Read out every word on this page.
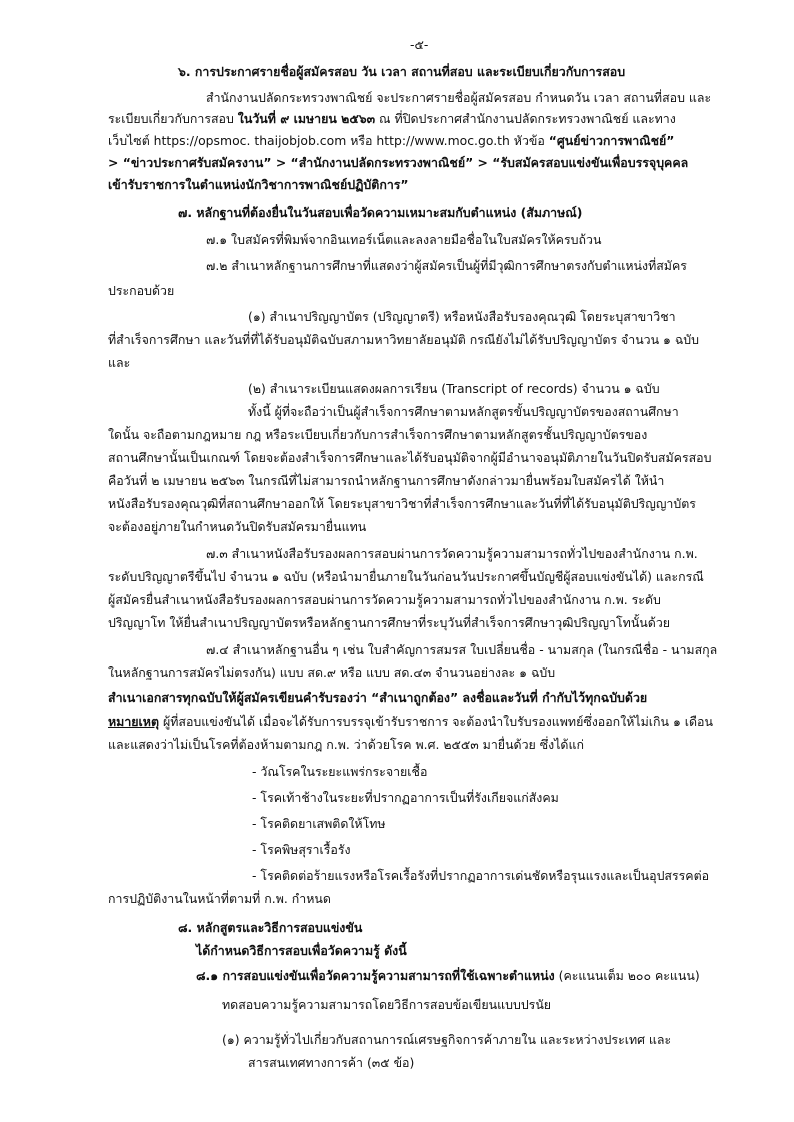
-๕-
๖. การประกาศรายชื่อผู้สมัครสอบ วัน เวลา สถานที่สอบ และระเบียบเกี่ยวกับการสอบ
สำนักงานปลัดกระทรวงพาณิชย์ จะประกาศรายชื่อผู้สมัครสอบ กำหนดวัน เวลา สถานที่สอบ และ
ระเบียบเกี่ยวกับการสอบ ในวันที่ ๙ เมษายน ๒๕๖๓ ณ ที่ปิดประกาศสำนักงานปลัดกระทรวงพาณิชย์ และทาง
เว็บไซต์ https://opsmoc. thaijobjob.com หรือ http://www.moc.go.th หัวข้อ “ศูนย์ข่าวการพาณิชย์”
> “ข่าวประกาศรับสมัครงาน” > “สำนักงานปลัดกระทรวงพาณิชย์” > “รับสมัครสอบแข่งขันเพื่อบรรจุบุคคล
เข้ารับราชการในตำแหน่งนักวิชาการพาณิชย์ปฏิบัติการ”
๗. หลักฐานที่ต้องยื่นในวันสอบเพื่อวัดความเหมาะสมกับตำแหน่ง (สัมภาษณ์)
๗.๑ ใบสมัครที่พิมพ์จากอินเทอร์เน็ตและลงลายมือชื่อในใบสมัครให้ครบถ้วน
๗.๒ สำเนาหลักฐานการศึกษาที่แสดงว่าผู้สมัครเป็นผู้ที่มีวุฒิการศึกษาตรงกับตำแหน่งที่สมัคร
ประกอบด้วย
(๑) สำเนาปริญญาบัตร (ปริญญาตรี) หรือหนังสือรับรองคุณวุฒิ โดยระบุสาขาวิชา
ที่สำเร็จการศึกษา และวันที่ที่ได้รับอนุมัติฉบับสภามหาวิทยาลัยอนุมัติ กรณียังไม่ได้รับปริญญาบัตร จำนวน ๑ ฉบับ
และ
(๒) สำเนาระเบียนแสดงผลการเรียน (Transcript of records) จำนวน ๑ ฉบับ
ทั้งนี้ ผู้ที่จะถือว่าเป็นผู้สำเร็จการศึกษาตามหลักสูตรขั้นปริญญาบัตรของสถานศึกษา
ใดนั้น จะถือตามกฎหมาย กฎ หรือระเบียบเกี่ยวกับการสำเร็จการศึกษาตามหลักสูตรชั้นปริญญาบัตรของ
สถานศึกษานั้นเป็นเกณฑ์ โดยจะต้องสำเร็จการศึกษาและได้รับอนุมัติจากผู้มีอำนาจอนุมัติภายในวันปิดรับสมัครสอบ
คือวันที่ ๒ เมษายน ๒๕๖๓ ในกรณีที่ไม่สามารถนำหลักฐานการศึกษาดังกล่าวมายื่นพร้อมใบสมัครได้ ให้นำ
หนังสือรับรองคุณวุฒิที่สถานศึกษาออกให้ โดยระบุสาขาวิชาที่สำเร็จการศึกษาและวันที่ที่ได้รับอนุมัติปริญญาบัตร
จะต้องอยู่ภายในกำหนดวันปิดรับสมัครมายื่นแทน
๗.๓ สำเนาหนังสือรับรองผลการสอบผ่านการวัดความรู้ความสามารถทั่วไปของสำนักงาน ก.พ.
ระดับปริญญาตรีขึ้นไป จำนวน ๑ ฉบับ (หรือนำมายื่นภายในวันก่อนวันประกาศขึ้นบัญชีผู้สอบแข่งขันได้) และกรณี
ผู้สมัครยื่นสำเนาหนังสือรับรองผลการสอบผ่านการวัดความรู้ความสามารถทั่วไปของสำนักงาน ก.พ. ระดับ
ปริญญาโท ให้ยื่นสำเนาปริญญาบัตรหรือหลักฐานการศึกษาที่ระบุวันที่สำเร็จการศึกษาวุฒิปริญญาโทนั้นด้วย
๗.๔ สำเนาหลักฐานอื่น ๆ เช่น ใบสำคัญการสมรส ใบเปลี่ยนชื่อ - นามสกุล (ในกรณีชื่อ - นามสกุล
ในหลักฐานการสมัครไม่ตรงกัน) แบบ สด.๙ หรือ แบบ สด.๔๓ จำนวนอย่างละ ๑ ฉบับ
สำเนาเอกสารทุกฉบับให้ผู้สมัครเขียนคำรับรองว่า “สำเนาถูกต้อง” ลงชื่อและวันที่ กำกับไว้ทุกฉบับด้วย
หมายเหตุ ผู้ที่สอบแข่งขันได้ เมื่อจะได้รับการบรรจุเข้ารับราชการ จะต้องนำใบรับรองแพทย์ซึ่งออกให้ไม่เกิน ๑ เดือน
และแสดงว่าไม่เป็นโรคที่ต้องห้ามตามกฎ ก.พ. ว่าด้วยโรค พ.ศ. ๒๕๕๓ มายื่นด้วย ซึ่งได้แก่
- วัณโรคในระยะแพร่กระจายเชื้อ
- โรคเท้าช้างในระยะที่ปรากฏอาการเป็นที่รังเกียจแก่สังคม
- โรคติดยาเสพติดให้โทษ
- โรคพิษสุราเรื้อรัง
- โรคติดต่อร้ายแรงหรือโรคเรื้อรังที่ปรากฏอาการเด่นชัดหรือรุนแรงและเป็นอุปสรรคต่อ
การปฏิบัติงานในหน้าที่ตามที่ ก.พ. กำหนด
๘. หลักสูตรและวิธีการสอบแข่งขัน
ได้กำหนดวิธีการสอบเพื่อวัดความรู้ ดังนี้
๘.๑ การสอบแข่งขันเพื่อวัดความรู้ความสามารถที่ใช้เฉพาะตำแหน่ง (คะแนนเต็ม ๒๐๐ คะแนน)
ทดสอบความรู้ความสามารถโดยวิธีการสอบข้อเขียนแบบปรนัย
(๑) ความรู้ทั่วไปเกี่ยวกับสถานการณ์เศรษฐกิจการค้าภายใน และระหว่างประเทศ และ
สารสนเทศทางการค้า (๓๕ ข้อ)
